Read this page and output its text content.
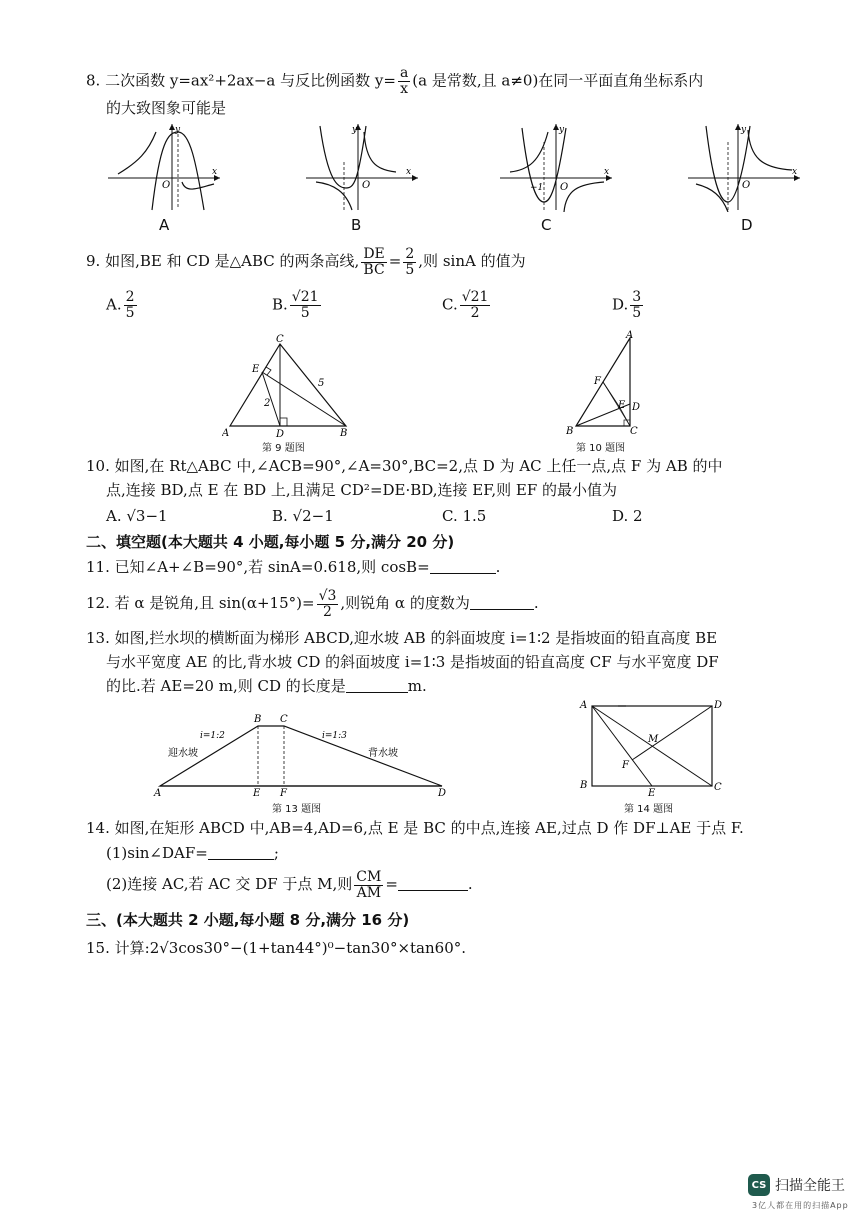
8. 二次函数 y=ax²+2ax−a 与反比例函数 $y= \frac{a}{x} (a$ 是常数,且 a≠0)在同一平面直角坐标系内
的大致图象可能是
O
x
y
A
O
x
y
B
O
−1
x
y
C
O
x
y
D
9. 如图,BE 和 CD 是△ABC 的两条高线, $\frac{DE}{BC} = \frac{2}{5}$ ,则 sinA 的值为
A. $\frac{2}{5}$	B. $\frac{√21}{5}$	C. $\frac{√21}{2}$	D. $\frac{3}{5}$
C
E
A	D	B
2
5
第 9 题图
A
F
E D
B	C
第 10 题图
10. 如图,在 Rt△ABC 中,∠ACB=90°,∠A=30°,BC=2,点 D 为 AC 上任一点,点 F 为 AB 的中
点,连接 BD,点 E 在 BD 上,且满足 CD²=DE·BD,连接 EF,则 EF 的最小值为
A. √3−1	B. √2−1	C. 1.5	D. 2
二、填空题(本大题共 4 小题,每小题 5 分,满分 20 分)
11. 已知∠A+∠B=90°,若 sinA=0.618,则 cosB=	.
12. 若 α 是锐角,且 $\sin(\alpha+15^\circ)= \frac{√3}{2}$ ,则锐角 α 的度数为	.
13. 如图,拦水坝的横断面为梯形 ABCD,迎水坡 AB 的斜面坡度 i=1∶2 是指坡面的铅直高度 BE
与水平宽度 AE 的比,背水坡 CD 的斜面坡度 i=1∶3 是指坡面的铅直高度 CF 与水平宽度 DF
的比.若 AE=20 m,则 CD 的长度是	m.
B C
A	E F	D
i=1:2	i=1:3
迎水坡	背水坡
第 13 题图
A	D
M
F
B
E
C
第 14 题图
14. 如图,在矩形 ABCD 中,AB=4,AD=6,点 E 是 BC 的中点,连接 AE,过点 D 作 DF⊥AE 于点 F.
(1)sin∠DAF=	;
(2)连接 AC,若 AC 交 DF 于点 M,则 $\frac{CM}{AM}$ =	.
三、(本大题共 2 小题,每小题 8 分,满分 16 分)
15. 计算:2√3cos30°−(1+tan44°)⁰−tan30°×tan60°.
CS 扫描全能王
3亿人都在用的扫描App
